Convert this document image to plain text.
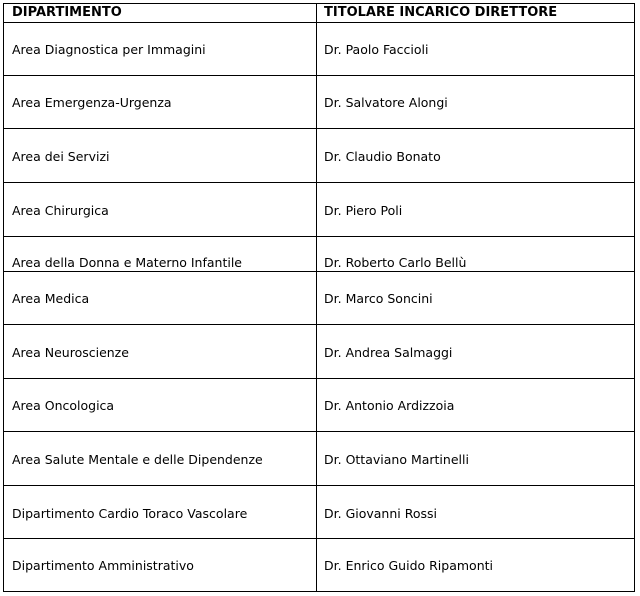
DIPARTIMENTO	TITOLARE INCARICO DIRETTORE
Area Diagnostica per Immagini	Dr. Paolo Faccioli
Area Emergenza-Urgenza	Dr. Salvatore Alongi
Area dei Servizi	Dr. Claudio Bonato
Area Chirurgica	Dr. Piero Poli
Area della Donna e Materno Infantile	Dr. Roberto Carlo Bellù
Area Medica	Dr. Marco Soncini
Area Neuroscienze	Dr. Andrea Salmaggi
Area Oncologica	Dr. Antonio Ardizzoia
Area Salute Mentale e delle Dipendenze	Dr. Ottaviano Martinelli
Dipartimento Cardio Toraco Vascolare	Dr. Giovanni Rossi
Dipartimento Amministrativo	Dr. Enrico Guido Ripamonti
